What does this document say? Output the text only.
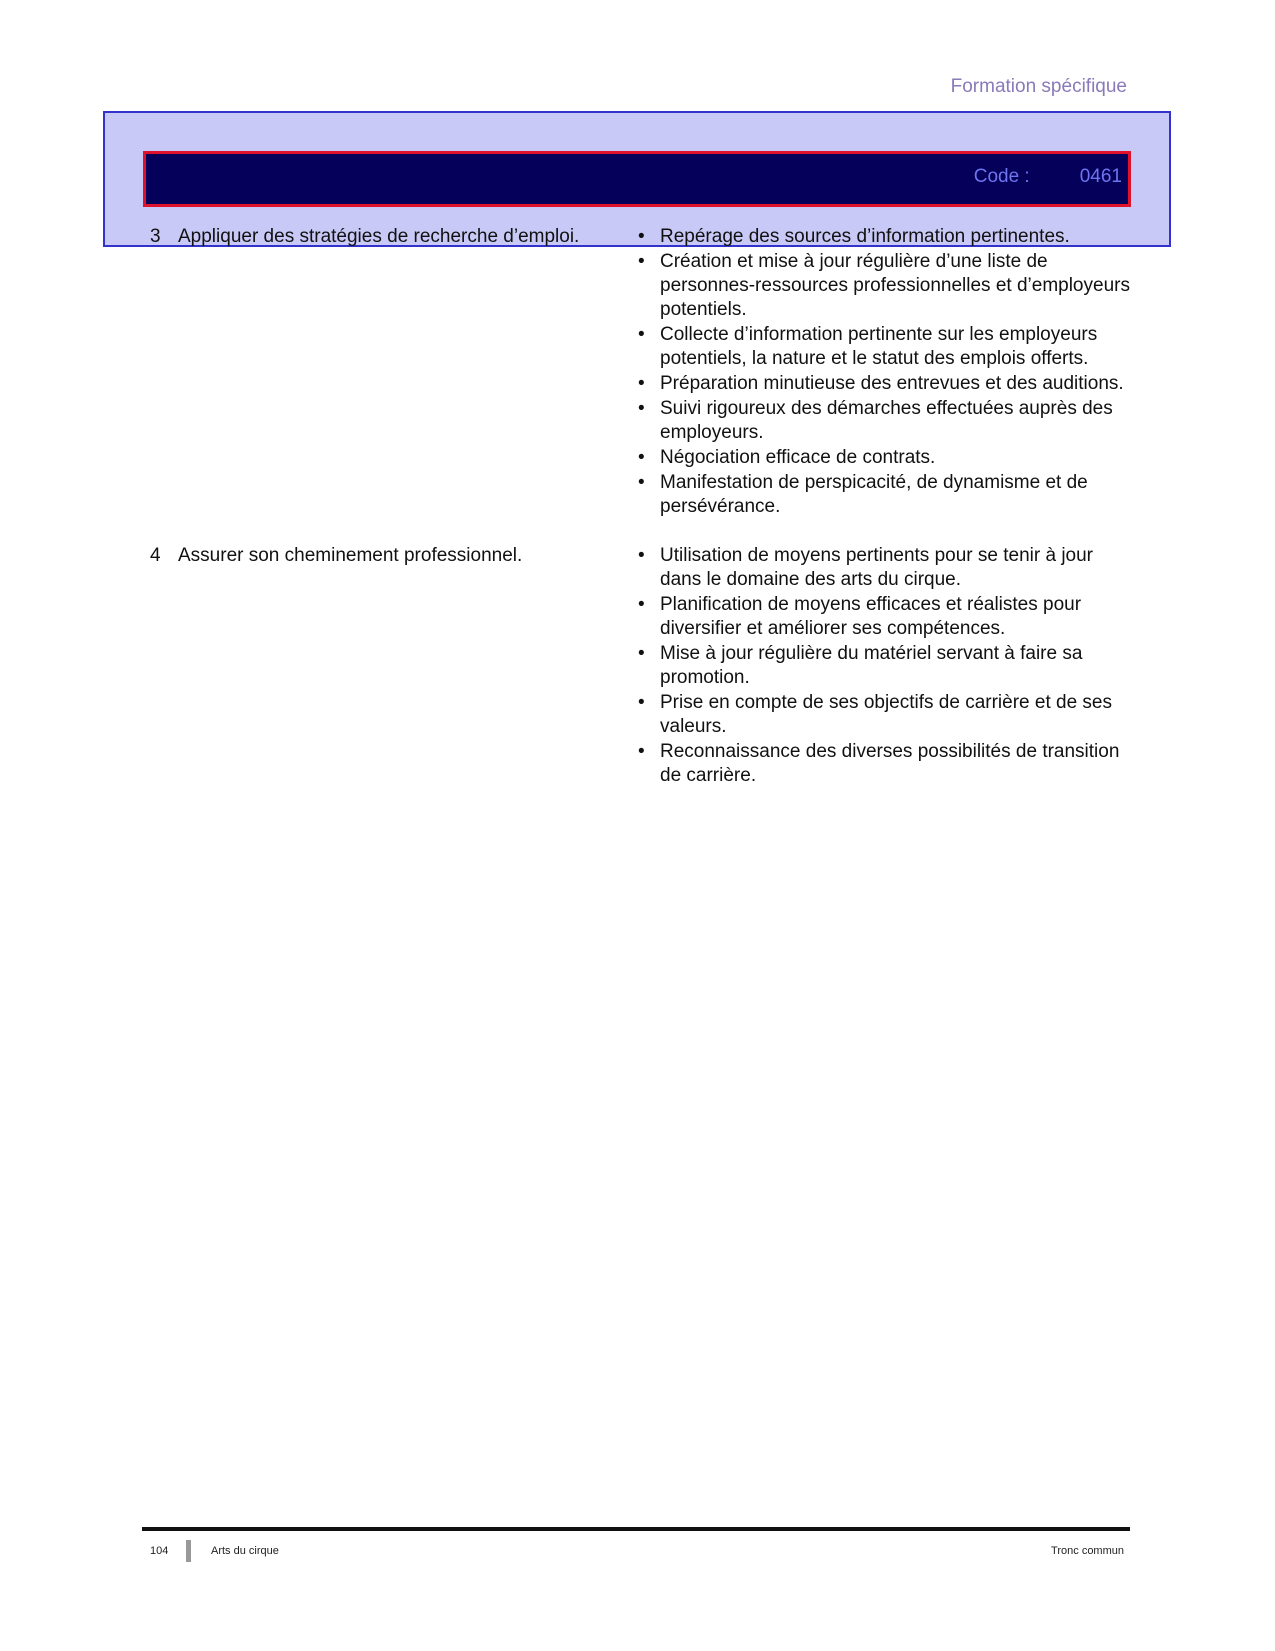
Formation spécifique
Code :	0461
3 Appliquer des stratégies de recherche d’emploi.	• Repérage des sources d’information pertinentes.
• Création et mise à jour régulière d’une liste de personnes-ressources professionnelles et d’employeurs potentiels.
• Collecte d’information pertinente sur les employeurs potentiels, la nature et le statut des emplois offerts.
• Préparation minutieuse des entrevues et des auditions.
• Suivi rigoureux des démarches effectuées auprès des employeurs.
• Négociation efficace de contrats.
• Manifestation de perspicacité, de dynamisme et de persévérance.
4 Assurer son cheminement professionnel.	• Utilisation de moyens pertinents pour se tenir à jour dans le domaine des arts du cirque.
• Planification de moyens efficaces et réalistes pour diversifier et améliorer ses compétences.
• Mise à jour régulière du matériel servant à faire sa promotion.
• Prise en compte de ses objectifs de carrière et de ses valeurs.
• Reconnaissance des diverses possibilités de transition de carrière.
104	Arts du cirque	Tronc commun
